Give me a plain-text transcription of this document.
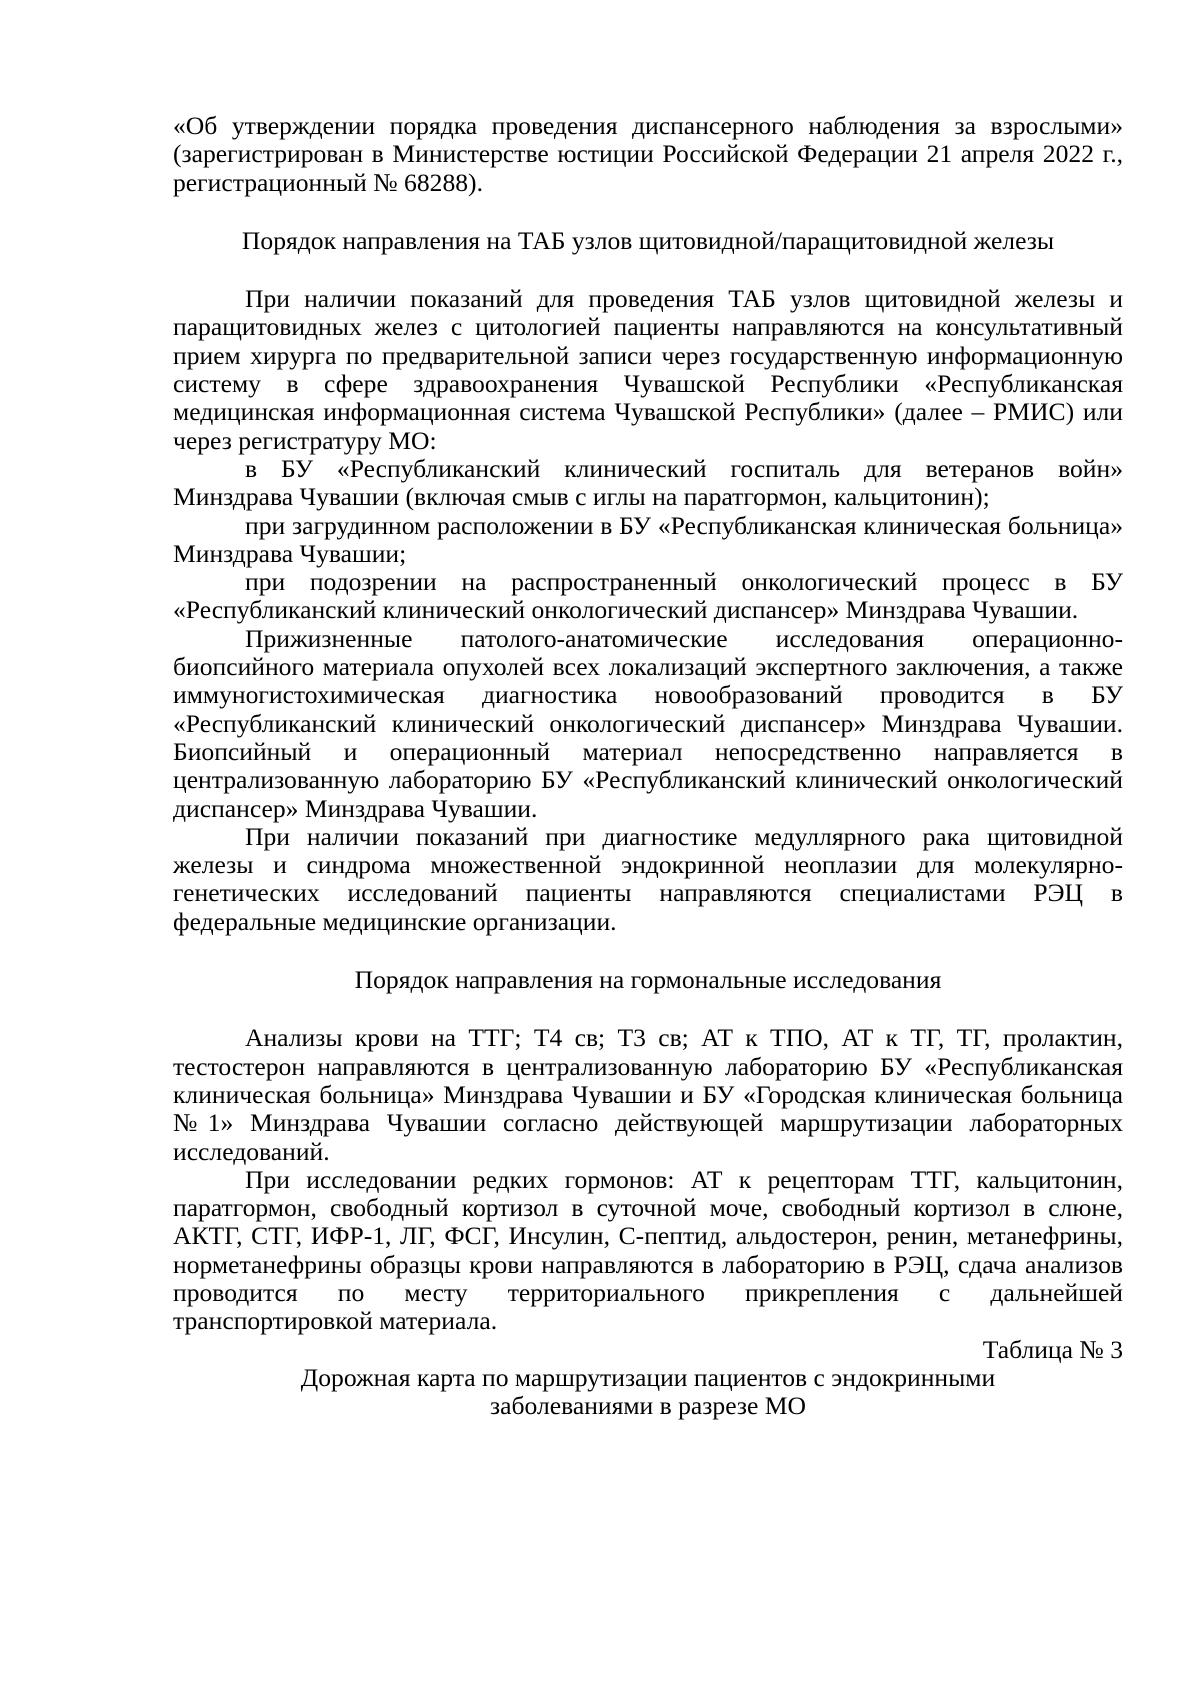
«Об утверждении порядка проведения диспансерного наблюдения за взрослыми» (зарегистрирован в Министерстве юстиции Российской Федерации 21 апреля 2022 г., регистрационный № 68288).

Порядок направления на ТАБ узлов щитовидной/паращитовидной железы

При наличии показаний для проведения ТАБ узлов щитовидной железы и паращитовидных желез с цитологией пациенты направляются на консультативный прием хирурга по предварительной записи через государственную информационную систему в сфере здравоохранения Чувашской Республики «Республиканская медицинская информационная система Чувашской Республики» (далее – РМИС) или через регистратуру МО:

в БУ «Республиканский клинический госпиталь для ветеранов войн» Минздрава Чувашии (включая смыв с иглы на паратгормон, кальцитонин);

при загрудинном расположении в БУ «Республиканская клиническая больница» Минздрава Чувашии;

при подозрении на распространенный онкологический процесс в БУ «Республиканский клинический онкологический диспансер» Минздрава Чувашии.

Прижизненные патолого-анатомические исследования операционно-биопсийного материала опухолей всех локализаций экспертного заключения, а также иммуногистохимическая диагностика новообразований проводится в БУ «Республиканский клинический онкологический диспансер» Минздрава Чувашии. Биопсийный и операционный материал непосредственно направляется в централизованную лабораторию БУ «Республиканский клинический онкологический диспансер» Минздрава Чувашии.

При наличии показаний при диагностике медуллярного рака щитовидной железы и синдрома множественной эндокринной неоплазии для молекулярно-генетических исследований пациенты направляются специалистами РЭЦ в федеральные медицинские организации.

Порядок направления на гормональные исследования

Анализы крови на ТТГ; Т4 св; Т3 св; АТ к ТПО, АТ к ТГ, ТГ, пролактин, тестостерон направляются в централизованную лабораторию БУ «Республиканская клиническая больница» Минздрава Чувашии и БУ «Городская клиническая больница №1» Минздрава Чувашии согласно действующей маршрутизации лабораторных исследований.

При исследовании редких гормонов: АТ к рецепторам ТТГ, кальцитонин, паратгормон, свободный кортизол в суточной моче, свободный кортизол в слюне, АКТГ, СТГ, ИФР-1, ЛГ, ФСГ, Инсулин, С-пептид, альдостерон, ренин, метанефрины, норметанефрины образцы крови направляются в лабораторию в РЭЦ, сдача анализов проводится по месту территориального прикрепления с дальнейшей транспортировкой материала.

Таблица № 3

Дорожная карта по маршрутизации пациентов с эндокринными заболеваниями в разрезе МО
